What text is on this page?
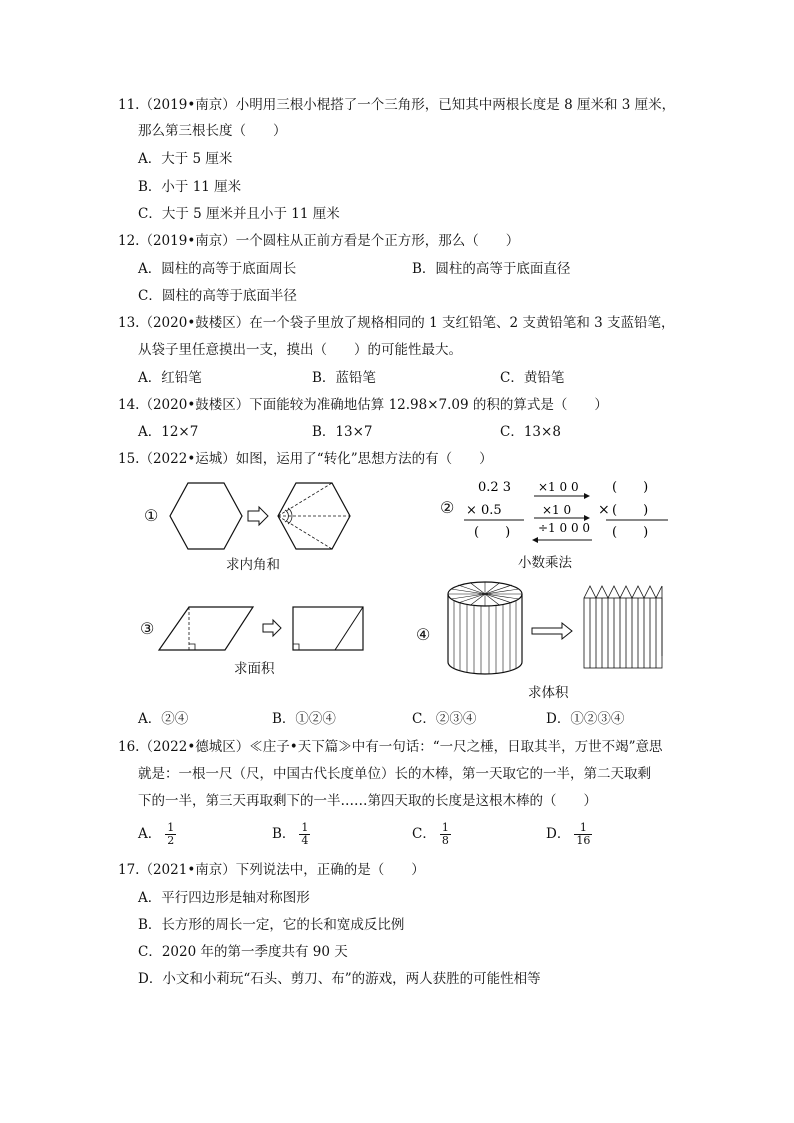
11.（2019•南京）小明用三根小棍搭了一个三角形，已知其中两根长度是 8 厘米和 3 厘米，
那么第三根长度（　　）
A．大于 5 厘米
B．小于 11 厘米
C．大于 5 厘米并且小于 11 厘米
12.（2019•南京）一个圆柱从正前方看是个正方形，那么（　　）
A．圆柱的高等于底面周长	B．圆柱的高等于底面直径
C．圆柱的高等于底面半径
13.（2020•鼓楼区）在一个袋子里放了规格相同的 1 支红铅笔、2 支黄铅笔和 3 支蓝铅笔，
从袋子里任意摸出一支，摸出（　　）的可能性最大。
A．红铅笔	B．蓝铅笔	C．黄铅笔
14.（2020•鼓楼区）下面能较为准确地估算 12.98×7.09 的积的算式是（　　）
A．12×7	B．13×7	C．13×8
15.（2022•运城）如图，运用了“转化”思想方法的有（　　）
①
求内角和
②
0.2 3
× 0.5
(　　)
×1 0 0
×1 0
÷1 0 0 0
(　　)
× (　　)
(　　)
小数乘法
③
求面积
④
求体积
A．②④	B．①②④	C．②③④	D．①②③④
16.（2022•德城区）≪庄子•天下篇≫中有一句话：“一尺之棰，日取其半，万世不竭”意思
就是：一根一尺（尺，中国古代长度单位）长的木棒，第一天取它的一半，第二天取剩
下的一半，第三天再取剩下的一半……第四天取的长度是这根木棒的（　　）
A． $\frac{1}{2}$	B． $\frac{1}{4}$	C． $\frac{1}{8}$	D． $\frac{1}{16}$
17.（2021•南京）下列说法中，正确的是（　　）
A．平行四边形是轴对称图形
B．长方形的周长一定，它的长和宽成反比例
C．2020 年的第一季度共有 90 天
D．小文和小莉玩“石头、剪刀、布”的游戏，两人获胜的可能性相等
